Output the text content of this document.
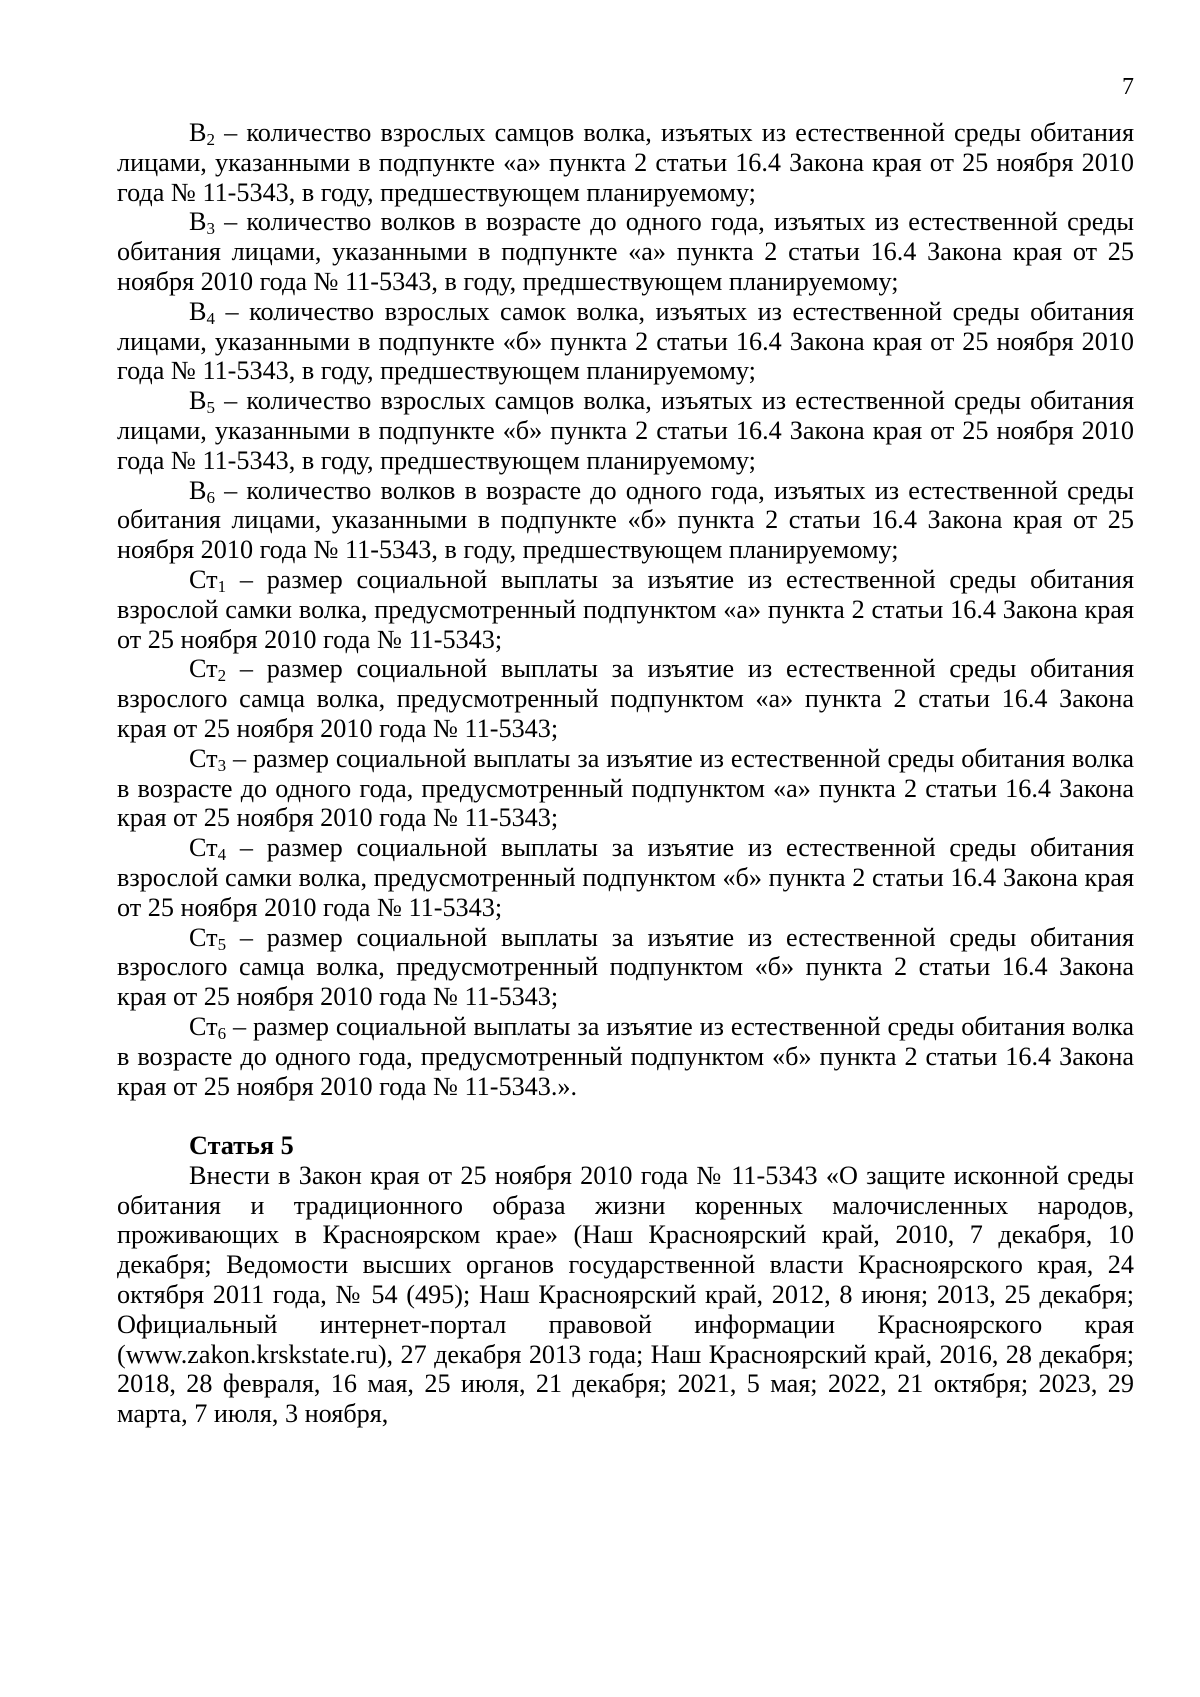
7

$В_2$ – количество взрослых самцов волка, изъятых из естественной среды обитания лицами, указанными в подпункте «а» пункта 2 статьи 16.4 Закона края от 25 ноября 2010 года № 11-5343, в году, предшествующем планируемому;

$В_3$ – количество волков в возрасте до одного года, изъятых из естественной среды обитания лицами, указанными в подпункте «а» пункта 2 статьи 16.4 Закона края от 25 ноября 2010 года № 11-5343, в году, предшествующем планируемому;

$В_4$ – количество взрослых самок волка, изъятых из естественной среды обитания лицами, указанными в подпункте «б» пункта 2 статьи 16.4 Закона края от 25 ноября 2010 года № 11-5343, в году, предшествующем планируемому;

$В_5$ – количество взрослых самцов волка, изъятых из естественной среды обитания лицами, указанными в подпункте «б» пункта 2 статьи 16.4 Закона края от 25 ноября 2010 года № 11-5343, в году, предшествующем планируемому;

$В_6$ – количество волков в возрасте до одного года, изъятых из естественной среды обитания лицами, указанными в подпункте «б» пункта 2 статьи 16.4 Закона края от 25 ноября 2010 года № 11-5343, в году, предшествующем планируемому;

$Ст_1$ – размер социальной выплаты за изъятие из естественной среды обитания взрослой самки волка, предусмотренный подпунктом «а» пункта 2 статьи 16.4 Закона края от 25 ноября 2010 года № 11-5343;

$Ст_2$ – размер социальной выплаты за изъятие из естественной среды обитания взрослого самца волка, предусмотренный подпунктом «а» пункта 2 статьи 16.4 Закона края от 25 ноября 2010 года № 11-5343;

$Ст_3$ – размер социальной выплаты за изъятие из естественной среды обитания волка в возрасте до одного года, предусмотренный подпунктом «а» пункта 2 статьи 16.4 Закона края от 25 ноября 2010 года № 11-5343;

$Ст_4$ – размер социальной выплаты за изъятие из естественной среды обитания взрослой самки волка, предусмотренный подпунктом «б» пункта 2 статьи 16.4 Закона края от 25 ноября 2010 года № 11-5343;

$Ст_5$ – размер социальной выплаты за изъятие из естественной среды обитания взрослого самца волка, предусмотренный подпунктом «б» пункта 2 статьи 16.4 Закона края от 25 ноября 2010 года № 11-5343;

$Ст_6$ – размер социальной выплаты за изъятие из естественной среды обитания волка в возрасте до одного года, предусмотренный подпунктом «б» пункта 2 статьи 16.4 Закона края от 25 ноября 2010 года № 11-5343.».

Статья 5

Внести в Закон края от 25 ноября 2010 года № 11-5343 «О защите исконной среды обитания и традиционного образа жизни коренных малочисленных народов, проживающих в Красноярском крае» (Наш Красноярский край, 2010, 7 декабря, 10 декабря; Ведомости высших органов государственной власти Красноярского края, 24 октября 2011 года, № 54 (495); Наш Красноярский край, 2012, 8 июня; 2013, 25 декабря; Официальный интернет-портал правовой информации Красноярского края (www.zakon.krskstate.ru), 27 декабря 2013 года; Наш Красноярский край, 2016, 28 декабря; 2018, 28 февраля, 16 мая, 25 июля, 21 декабря; 2021, 5 мая; 2022, 21 октября; 2023, 29 марта, 7 июля, 3 ноября,
